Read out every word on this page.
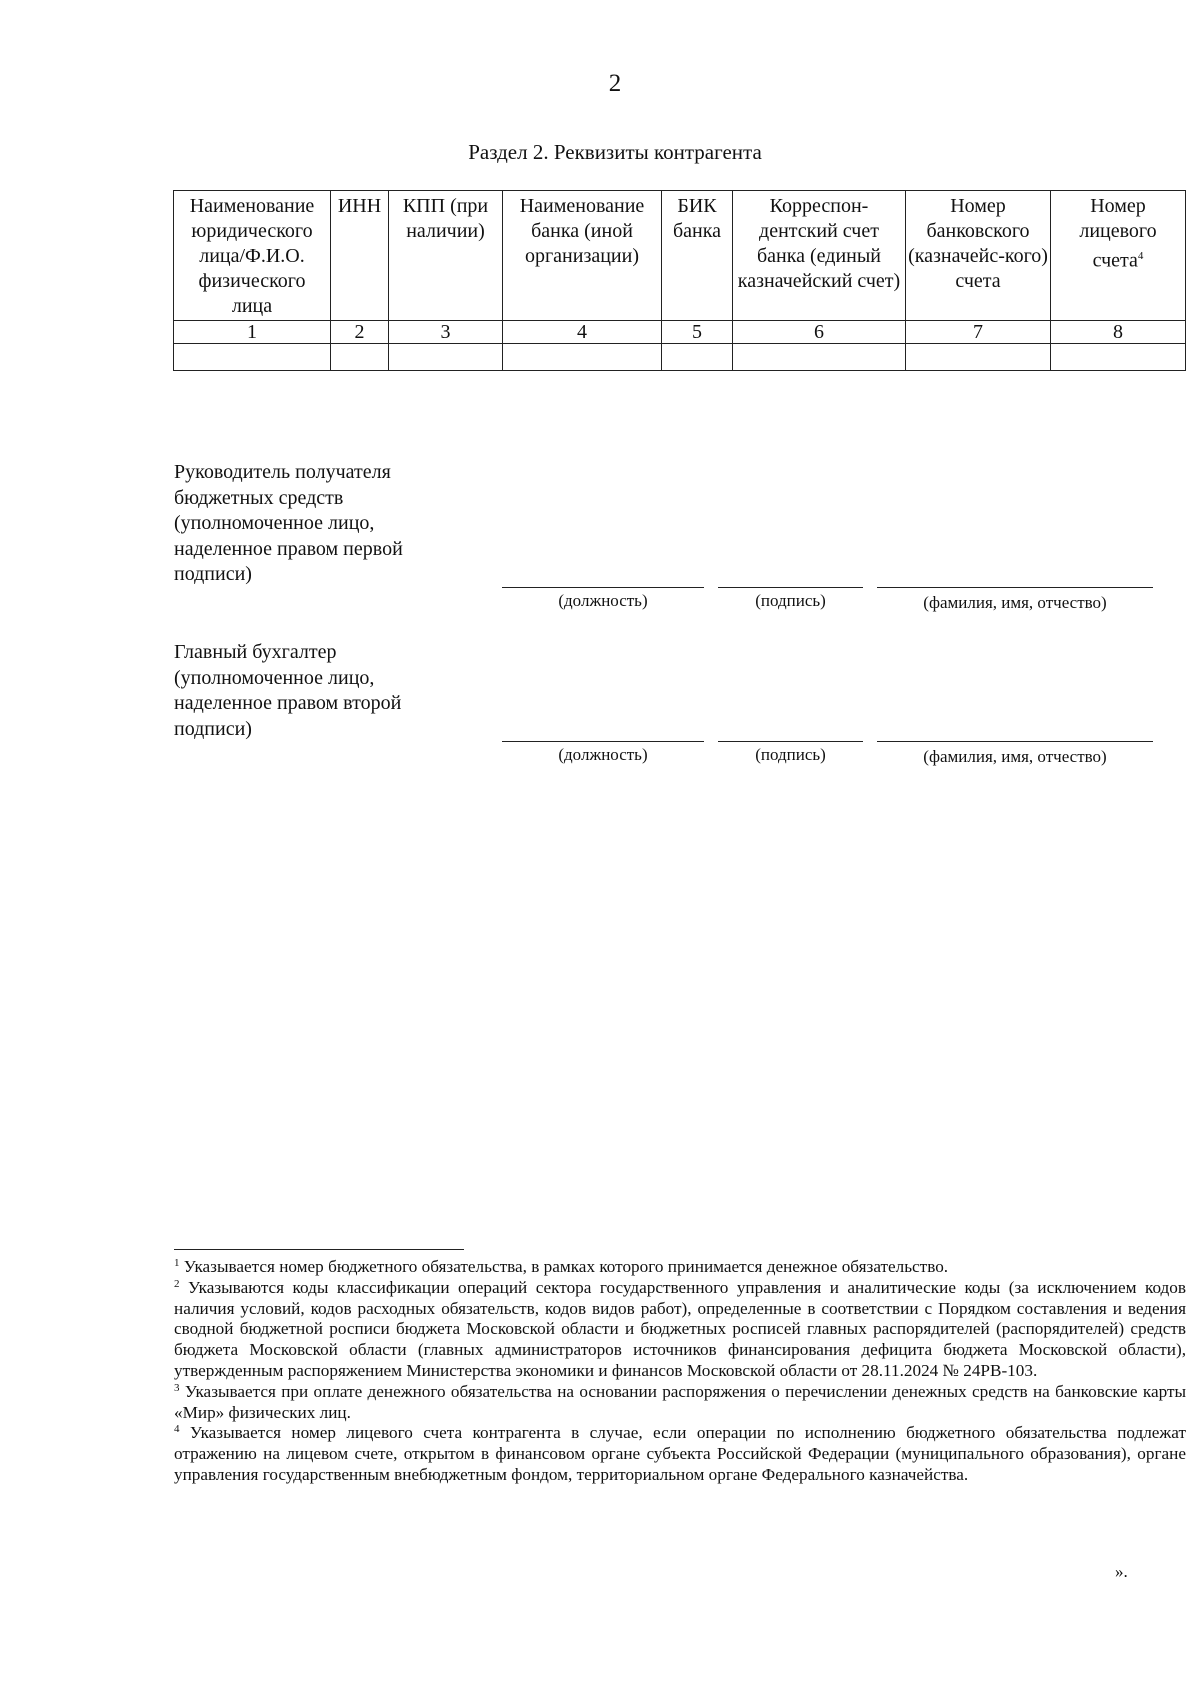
2
Раздел 2. Реквизиты контрагента
Наименование юридического лица/Ф.И.О. физического лица	ИНН	КПП (при наличии)	Наименование банка (иной организации)	БИК банка	Корреспон-дентский счет банка (единый казначейский счет)	Номер банковского (казначейс-кого) счета	Номер лицевого счета$^4$
1	2	3	4	5	6	7	8

Руководитель получателя бюджетных средств (уполномоченное лицо, наделенное правом первой подписи)
(должность)	(подпись)	(фамилия, имя, отчество)
Главный бухгалтер (уполномоченное лицо, наделенное правом второй подписи)
(должность)	(подпись)	(фамилия, имя, отчество)

$^1$ Указывается номер бюджетного обязательства, в рамках которого принимается денежное обязательство.

$^2$ Указываются коды классификации операций сектора государственного управления и аналитические коды (за исключением кодов наличия условий, кодов расходных обязательств, кодов видов работ), определенные в соответствии с Порядком составления и ведения сводной бюджетной росписи бюджета Московской области и бюджетных росписей главных распорядителей (распорядителей) средств бюджета Московской области (главных администраторов источников финансирования дефицита бюджета Московской области), утвержденным распоряжением Министерства экономики и финансов Московской области от 28.11.2024 № 24РВ-103.

$^3$ Указывается при оплате денежного обязательства на основании распоряжения о перечислении денежных средств на банковские карты «Мир» физических лиц.

$^4$ Указывается номер лицевого счета контрагента в случае, если операции по исполнению бюджетного обязательства подлежат отражению на лицевом счете, открытом в финансовом органе субъекта Российской Федерации (муниципального образования), органе управления государственным внебюджетным фондом, территориальном органе Федерального казначейства.

».
